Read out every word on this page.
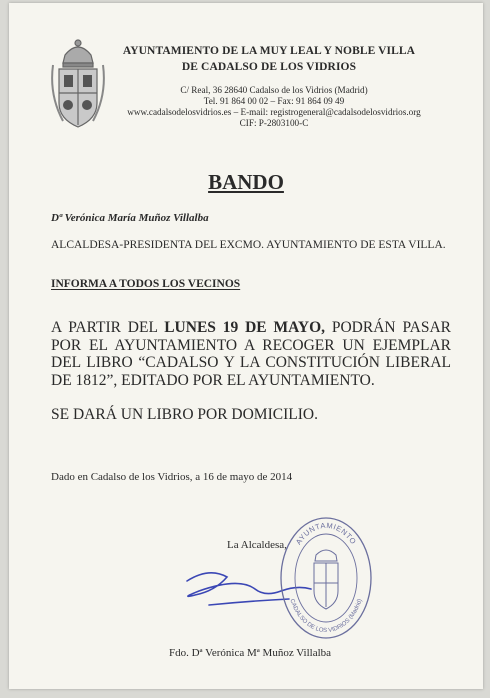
AYUNTAMIENTO DE LA MUY LEAL Y NOBLE VILLA
DE CADALSO DE LOS VIDRIOS
C/ Real, 36 28640 Cadalso de los Vidrios (Madrid)
Tel. 91 864 00 02 – Fax: 91 864 09 49
www.cadalsodelosvidrios.es – E-mail: registrogeneral@cadalsodelosvidrios.org
CIF: P-2803100-C
BANDO
Dª Verónica María Muñoz Villalba
ALCALDESA-PRESIDENTA DEL EXCMO. AYUNTAMIENTO DE ESTA VILLA.
INFORMA A TODOS LOS VECINOS
A PARTIR DEL LUNES 19 DE MAYO, PODRÁN PASAR POR EL AYUNTAMIENTO A RECOGER UN EJEMPLAR DEL LIBRO “CADALSO Y LA CONSTITUCIÓN LIBERAL DE 1812”, EDITADO POR EL AYUNTAMIENTO.
SE DARÁ UN LIBRO POR DOMICILIO.
Dado en Cadalso de los Vidrios, a 16 de mayo de 2014
La Alcaldesa, AYUNTAMIENTO
CADALSO DE LOS VIDRIOS (Madrid)
Fdo. Dª Verónica Mª Muñoz Villalba
